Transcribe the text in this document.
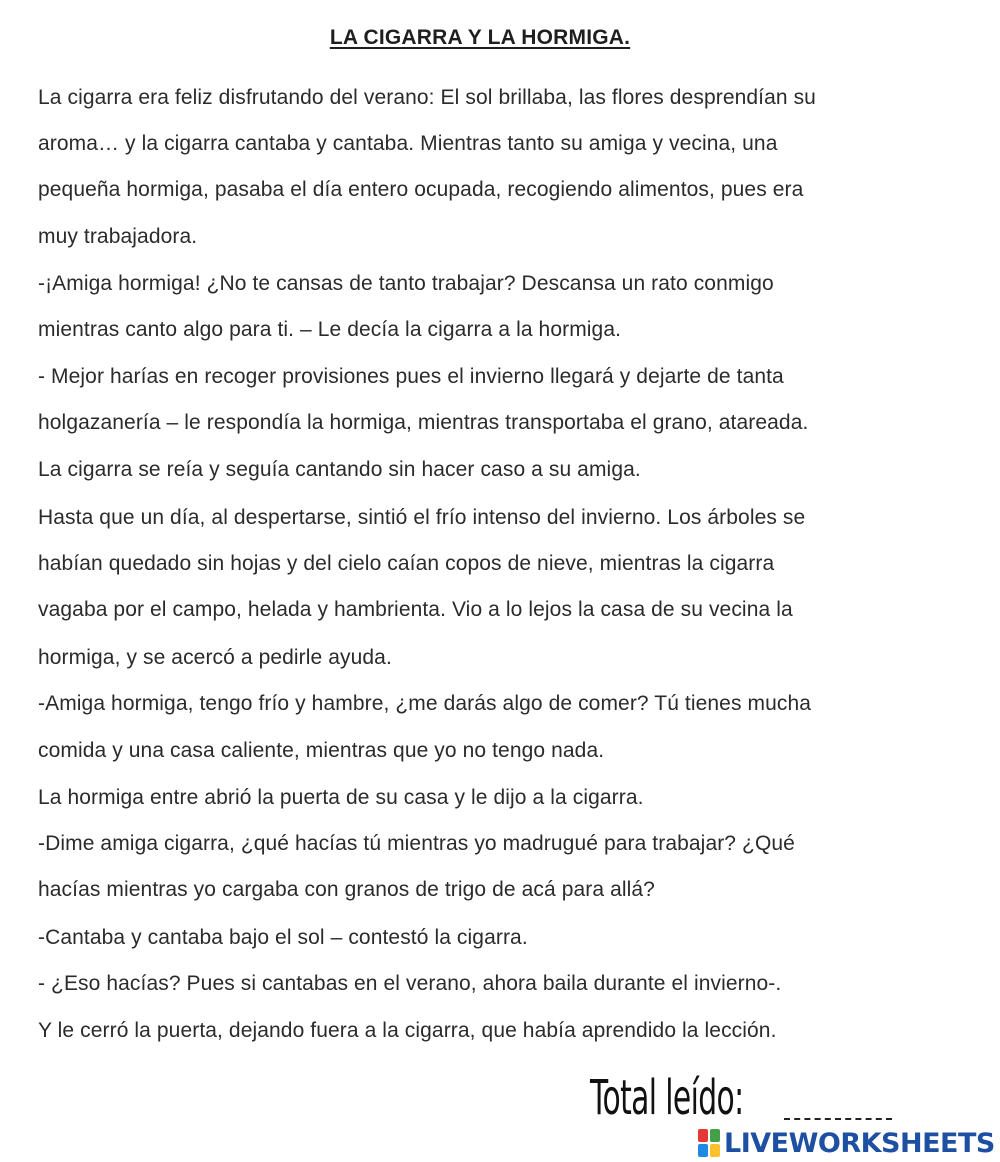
LA CIGARRA Y LA HORMIGA.
La cigarra era feliz disfrutando del verano: El sol brillaba, las flores desprendían su
aroma… y la cigarra cantaba y cantaba. Mientras tanto su amiga y vecina, una
pequeña hormiga, pasaba el día entero ocupada, recogiendo alimentos, pues era
muy trabajadora.
-¡Amiga hormiga! ¿No te cansas de tanto trabajar? Descansa un rato conmigo
mientras canto algo para ti. – Le decía la cigarra a la hormiga.
- Mejor harías en recoger provisiones pues el invierno llegará y dejarte de tanta
holgazanería – le respondía la hormiga, mientras transportaba el grano, atareada.
La cigarra se reía y seguía cantando sin hacer caso a su amiga.
Hasta que un día, al despertarse, sintió el frío intenso del invierno. Los árboles se
habían quedado sin hojas y del cielo caían copos de nieve, mientras la cigarra
vagaba por el campo, helada y hambrienta. Vio a lo lejos la casa de su vecina la
hormiga, y se acercó a pedirle ayuda.
-Amiga hormiga, tengo frío y hambre, ¿me darás algo de comer? Tú tienes mucha
comida y una casa caliente, mientras que yo no tengo nada.
La hormiga entre abrió la puerta de su casa y le dijo a la cigarra.
-Dime amiga cigarra, ¿qué hacías tú mientras yo madrugué para trabajar? ¿Qué
hacías mientras yo cargaba con granos de trigo de acá para allá?
-Cantaba y cantaba bajo el sol – contestó la cigarra.
- ¿Eso hacías? Pues si cantabas en el verano, ahora baila durante el invierno-.
Y le cerró la puerta, dejando fuera a la cigarra, que había aprendido la lección.
Total leído:
LIVEWORKSHEETS
